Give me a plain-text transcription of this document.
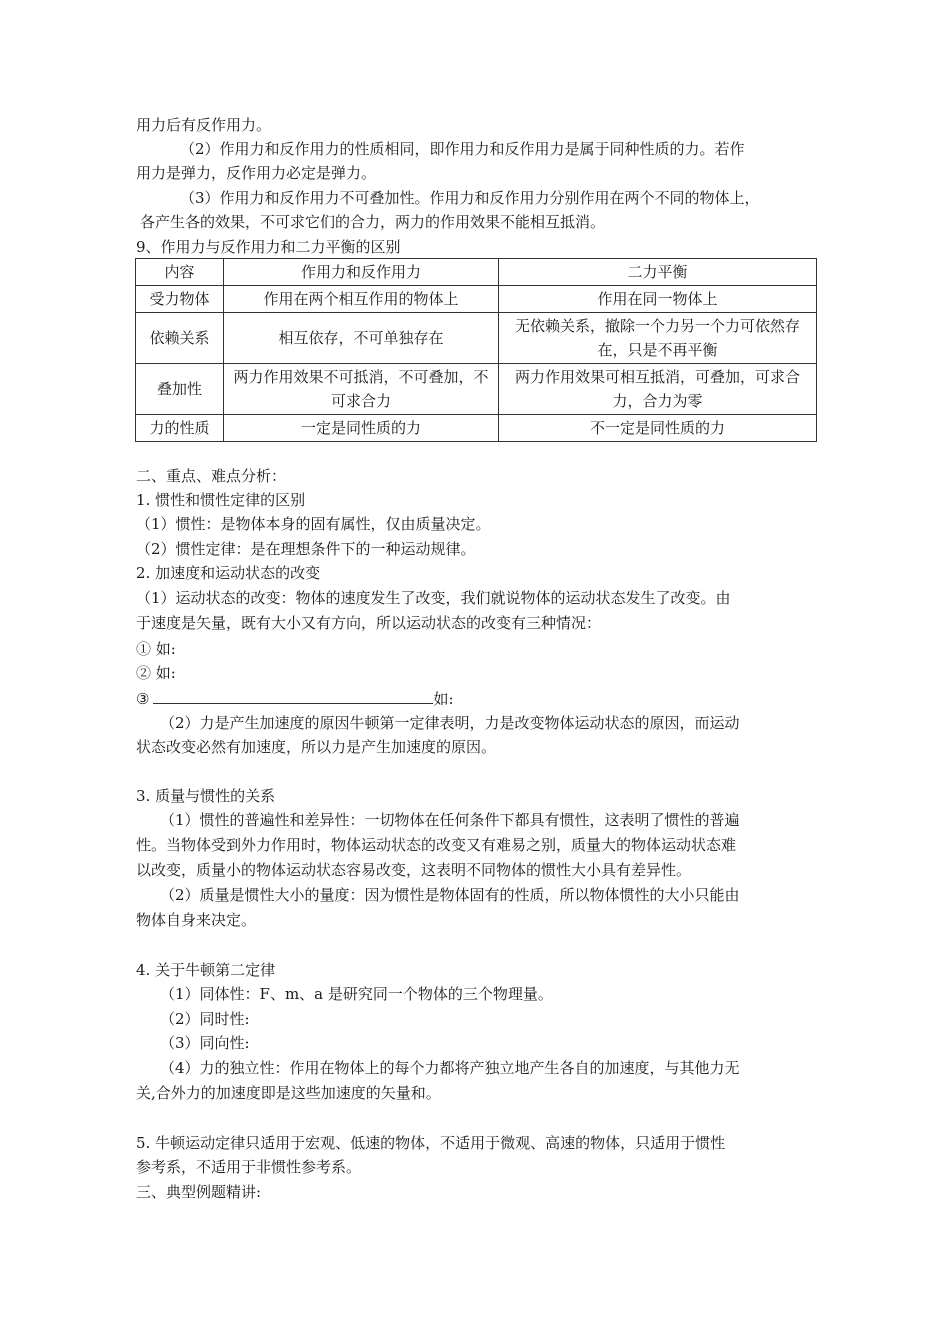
用力后有反作用力。
（2）作用力和反作用力的性质相同，即作用力和反作用力是属于同种性质的力。若作
用力是弹力，反作用力必定是弹力。
（3）作用力和反作用力不可叠加性。作用力和反作用力分别作用在两个不同的物体上，
各产生各的效果，不可求它们的合力，两力的作用效果不能相互抵消。
9、作用力与反作用力和二力平衡的区别
内容	作用力和反作用力	二力平衡
受力物体	作用在两个相互作用的物体上	作用在同一物体上
依赖关系	相互依存，不可单独存在	无依赖关系，撤除一个力另一个力可依然存在，只是不再平衡
叠加性	两力作用效果不可抵消，不可叠加，不可求合力	两力作用效果可相互抵消，可叠加，可求合力，合力为零
力的性质	一定是同性质的力	不一定是同性质的力
二、重点、难点分析：
1. 惯性和惯性定律的区别
（1）惯性：是物体本身的固有属性，仅由质量决定。
（2）惯性定律：是在理想条件下的一种运动规律。
2. 加速度和运动状态的改变
（1）运动状态的改变：物体的速度发生了改变，我们就说物体的运动状态发生了改变。由
于速度是矢量，既有大小又有方向，所以运动状态的改变有三种情况：
① 如:
② 如:
③	如:
（2）力是产生加速度的原因牛顿第一定律表明，力是改变物体运动状态的原因，而运动
状态改变必然有加速度，所以力是产生加速度的原因。
3. 质量与惯性的关系
（1）惯性的普遍性和差异性：一切物体在任何条件下都具有惯性，这表明了惯性的普遍
性。当物体受到外力作用时，物体运动状态的改变又有难易之别，质量大的物体运动状态难
以改变，质量小的物体运动状态容易改变，这表明不同物体的惯性大小具有差异性。
（2）质量是惯性大小的量度：因为惯性是物体固有的性质，所以物体惯性的大小只能由
物体自身来决定。
4. 关于牛顿第二定律
（1）同体性：F、m、a 是研究同一个物体的三个物理量。
（2）同时性:
（3）同向性:
（4）力的独立性：作用在物体上的每个力都将产独立地产生各自的加速度，与其他力无
关,合外力的加速度即是这些加速度的矢量和。
5. 牛顿运动定律只适用于宏观、低速的物体，不适用于微观、高速的物体，只适用于惯性
参考系，不适用于非惯性参考系。
三、典型例题精讲:
